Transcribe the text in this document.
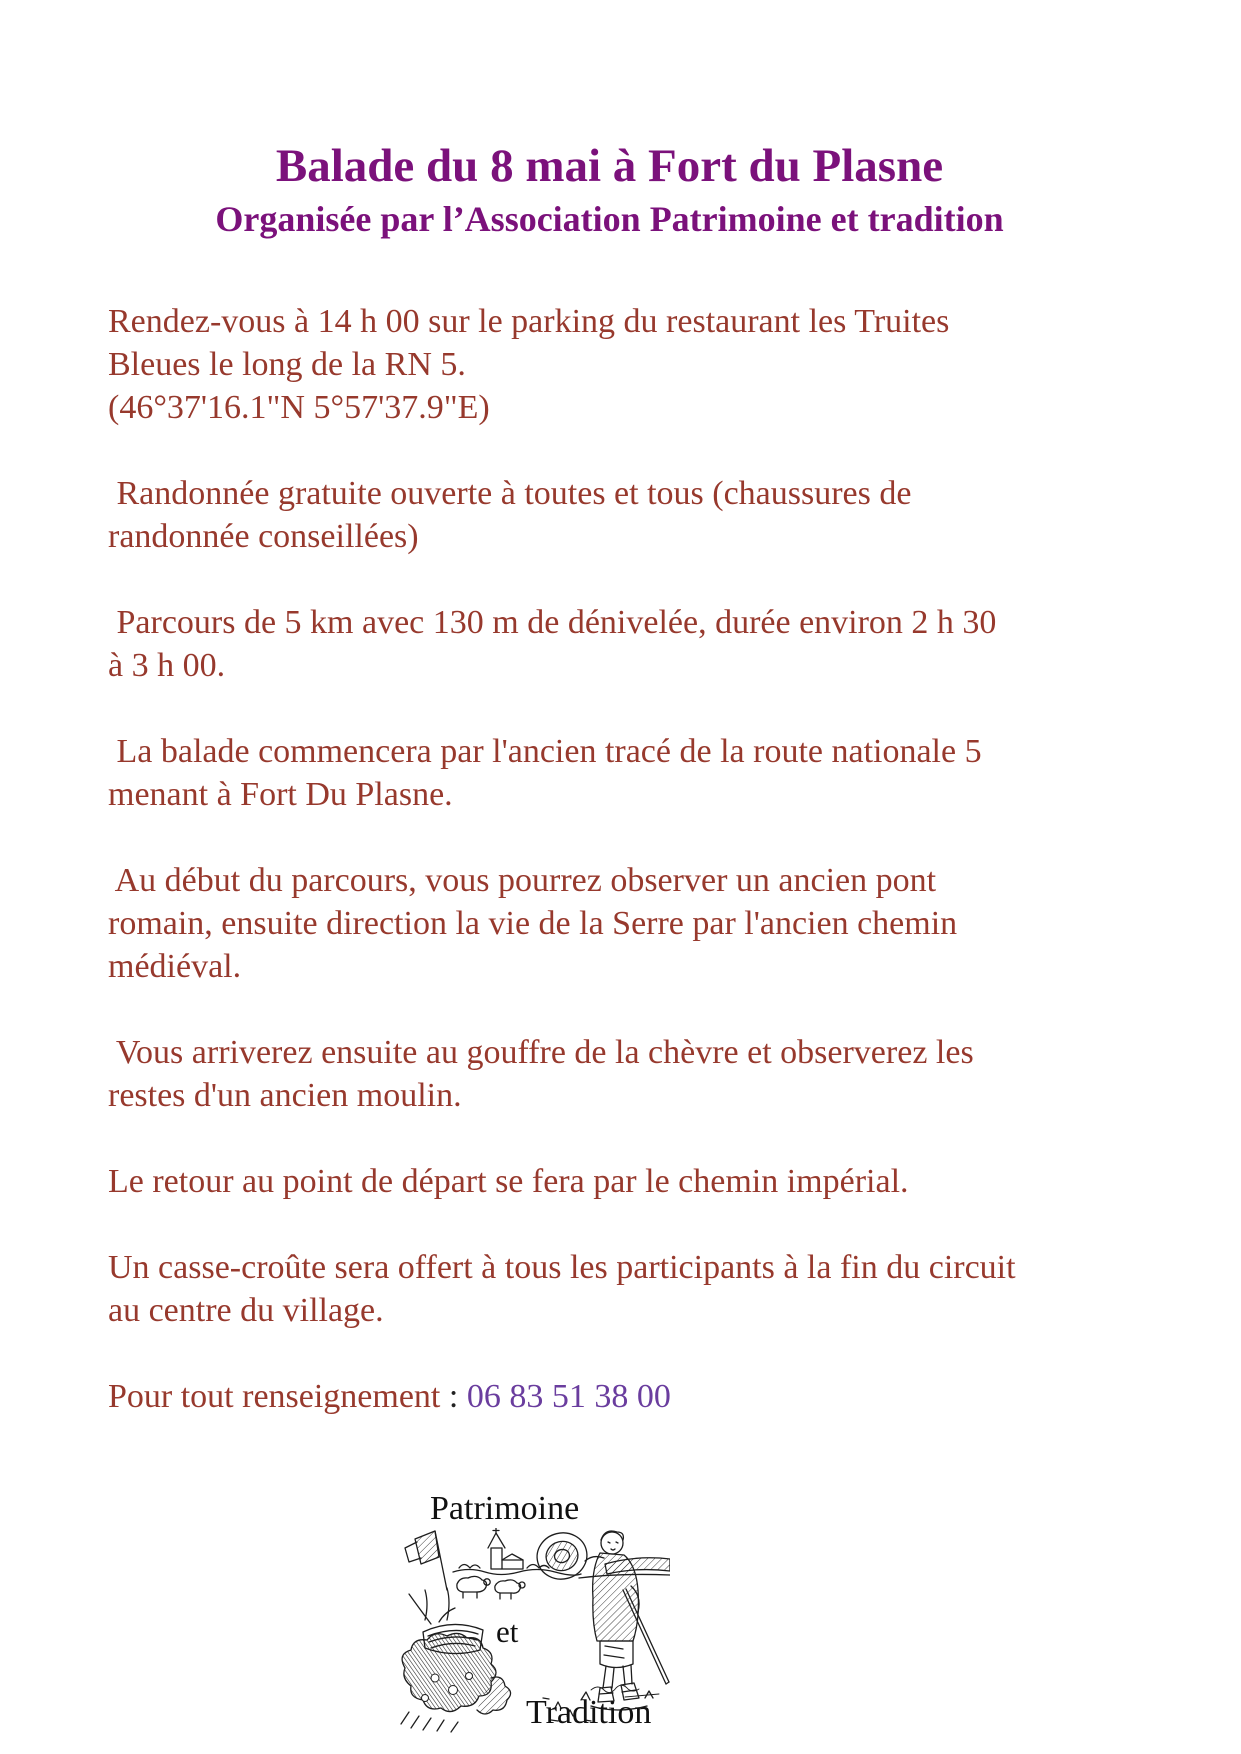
Balade du 8 mai à Fort du Plasne
Organisée par l’Association Patrimoine et tradition

Rendez-vous à 14 h 00 sur le parking du restaurant les Truites
Bleues le long de la RN 5.
(46°37'16.1"N 5°57'37.9"E)

Randonnée gratuite ouverte à toutes et tous (chaussures de
randonnée conseillées)

Parcours de 5 km avec 130 m de dénivelée, durée environ 2 h 30
à 3 h 00.

La balade commencera par l'ancien tracé de la route nationale 5
menant à Fort Du Plasne.

Au début du parcours, vous pourrez observer un ancien pont
romain, ensuite direction la vie de la Serre par l'ancien chemin
médiéval.

Vous arriverez ensuite au gouffre de la chèvre et observerez les
restes d'un ancien moulin.

Le retour au point de départ se fera par le chemin impérial.

Un casse-croûte sera offert à tous les participants à la fin du circuit
au centre du village.

Pour tout renseignement : 06 83 51 38 00

Patrimoine
et
Tradition
